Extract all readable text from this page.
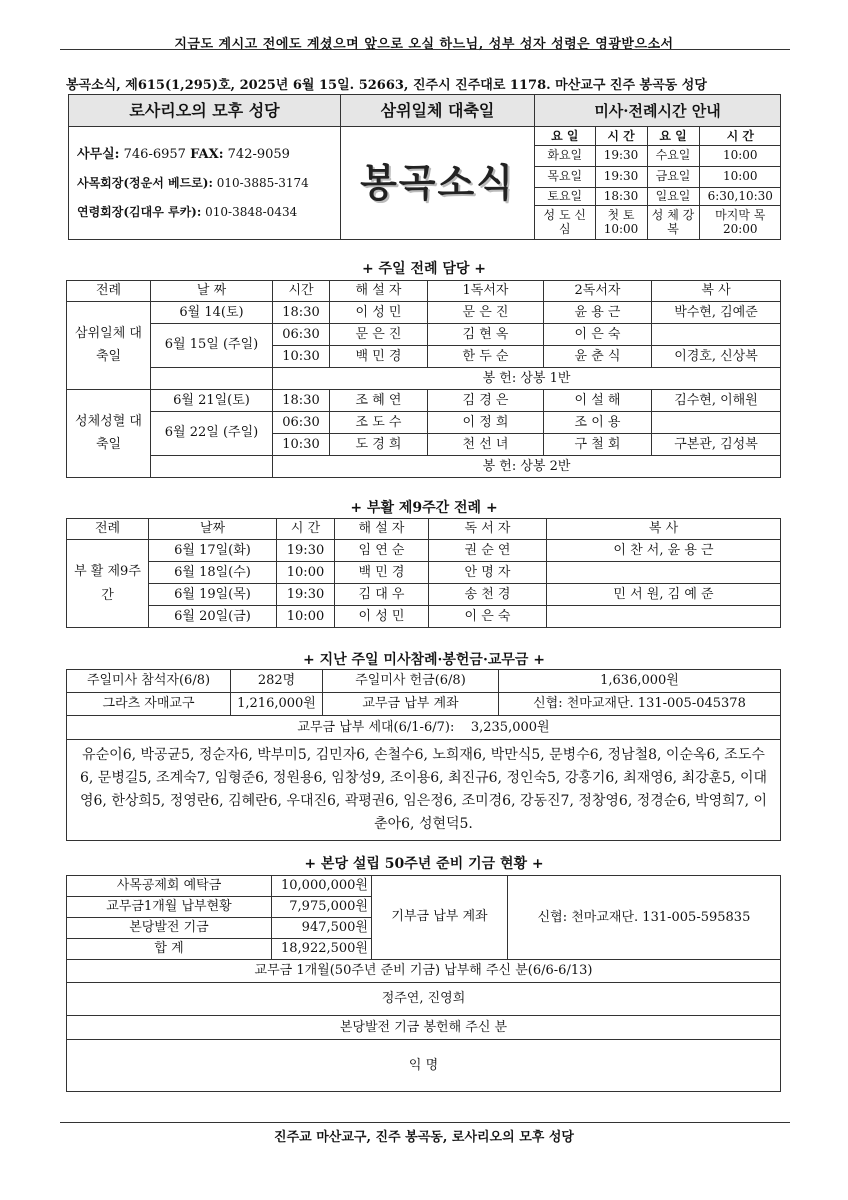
지금도 계시고 전에도 계셨으며 앞으로 오실 하느님, 성부 성자 성령은 영광받으소서
봉곡소식, 제615(1,295)호, 2025년 6월 15일. 52663, 진주시 진주대로 1178. 마산교구 진주 봉곡동 성당
로사리오의 모후 성당	삼위일체 대축일	미사·전례시간 안내

사무실: 746-6957 FAX: 742-9059
사목회장(정운서 베드로): 010-3885-3174
연령회장(김대우 루카): 010-3848-0434
	봉곡소식	
요 일	시 간	요 일	시 간
화요일	19:30	수요일	10:00
목요일	19:30	금요일	10:00
토요일	18:30	일요일	6:30,10:30
성 도 신 심	첫 토 10:00	성 체 강 복	마지막 목 20:00
+ 주일 전례 담당 +
전례	날 짜	시간	해 설 자	1독서자	2독서자	복 사
삼위일체 대축일	6월 14(토)	18:30	이 성 민	문 은 진	윤 용 근	박수현, 김예준
	6월 15일 (주일)	06:30	문 은 진	김 현 옥	이 은 숙	
		10:30	백 민 경	한 두 순	윤 춘 식	이경호, 신상복
		봉 헌: 상봉 1반				
성체성혈 대축일	6월 21일(토)	18:30	조 혜 연	김 경 은	이 설 해	김수현, 이해원
	6월 22일 (주일)	06:30	조 도 수	이 정 희	조 이 용	
		10:30	도 경 희	천 선 녀	구 철 회	구본관, 김성복
		봉 헌: 상봉 2반				
+ 부활 제9주간 전례 +
전례	날짜	시 간	해 설 자	독 서 자	복 사
부 활 제9주간	6월 17일(화)	19:30	임 연 순	권 순 연	이 찬 서, 윤 용 근
	6월 18일(수)	10:00	백 민 경	안 명 자	
	6월 19일(목)	19:30	김 대 우	송 천 경	민 서 원, 김 예 준
	6월 20일(금)	10:00	이 성 민	이 은 숙	
+ 지난 주일 미사참례·봉헌금·교무금 +
주일미사 참석자(6/8)	282명	주일미사 헌금(6/8)	1,636,000원
그라츠 자매교구	1,216,000원	교무금 납부 계좌	신협: 천마교재단. 131-005-045378
교무금 납부 세대(6/1-6/7): 3,235,000원			
유순이6, 박공균5, 정순자6, 박부미5, 김민자6, 손철수6, 노희재6, 박만식5, 문병수6, 정남철8, 이순옥6, 조도수6, 문병길5, 조계숙7, 임형준6, 정원용6, 임창성9, 조이용6, 최진규6, 정인숙5, 강홍기6, 최재영6, 최강훈5, 이대영6, 한상희5, 정영란6, 김혜란6, 우대진6, 곽평권6, 임은정6, 조미경6, 강동진7, 정창영6, 정경순6, 박영희7, 이춘아6, 성현덕5.			
+ 본당 설립 50주년 준비 기금 현황 +
사목공제회 예탁금	10,000,000원	기부금 납부 계좌	신협: 천마교재단. 131-005-595835
교무금1개월 납부현황	7,975,000원		
본당발전 기금	947,500원		
합 계	18,922,500원		
교무금 1개월(50주년 준비 기금) 납부해 주신 분(6/6-6/13)			
정주연, 진영희			
본당발전 기금 봉헌해 주신 분			
익 명			
진주교 마산교구, 진주 봉곡동, 로사리오의 모후 성당
